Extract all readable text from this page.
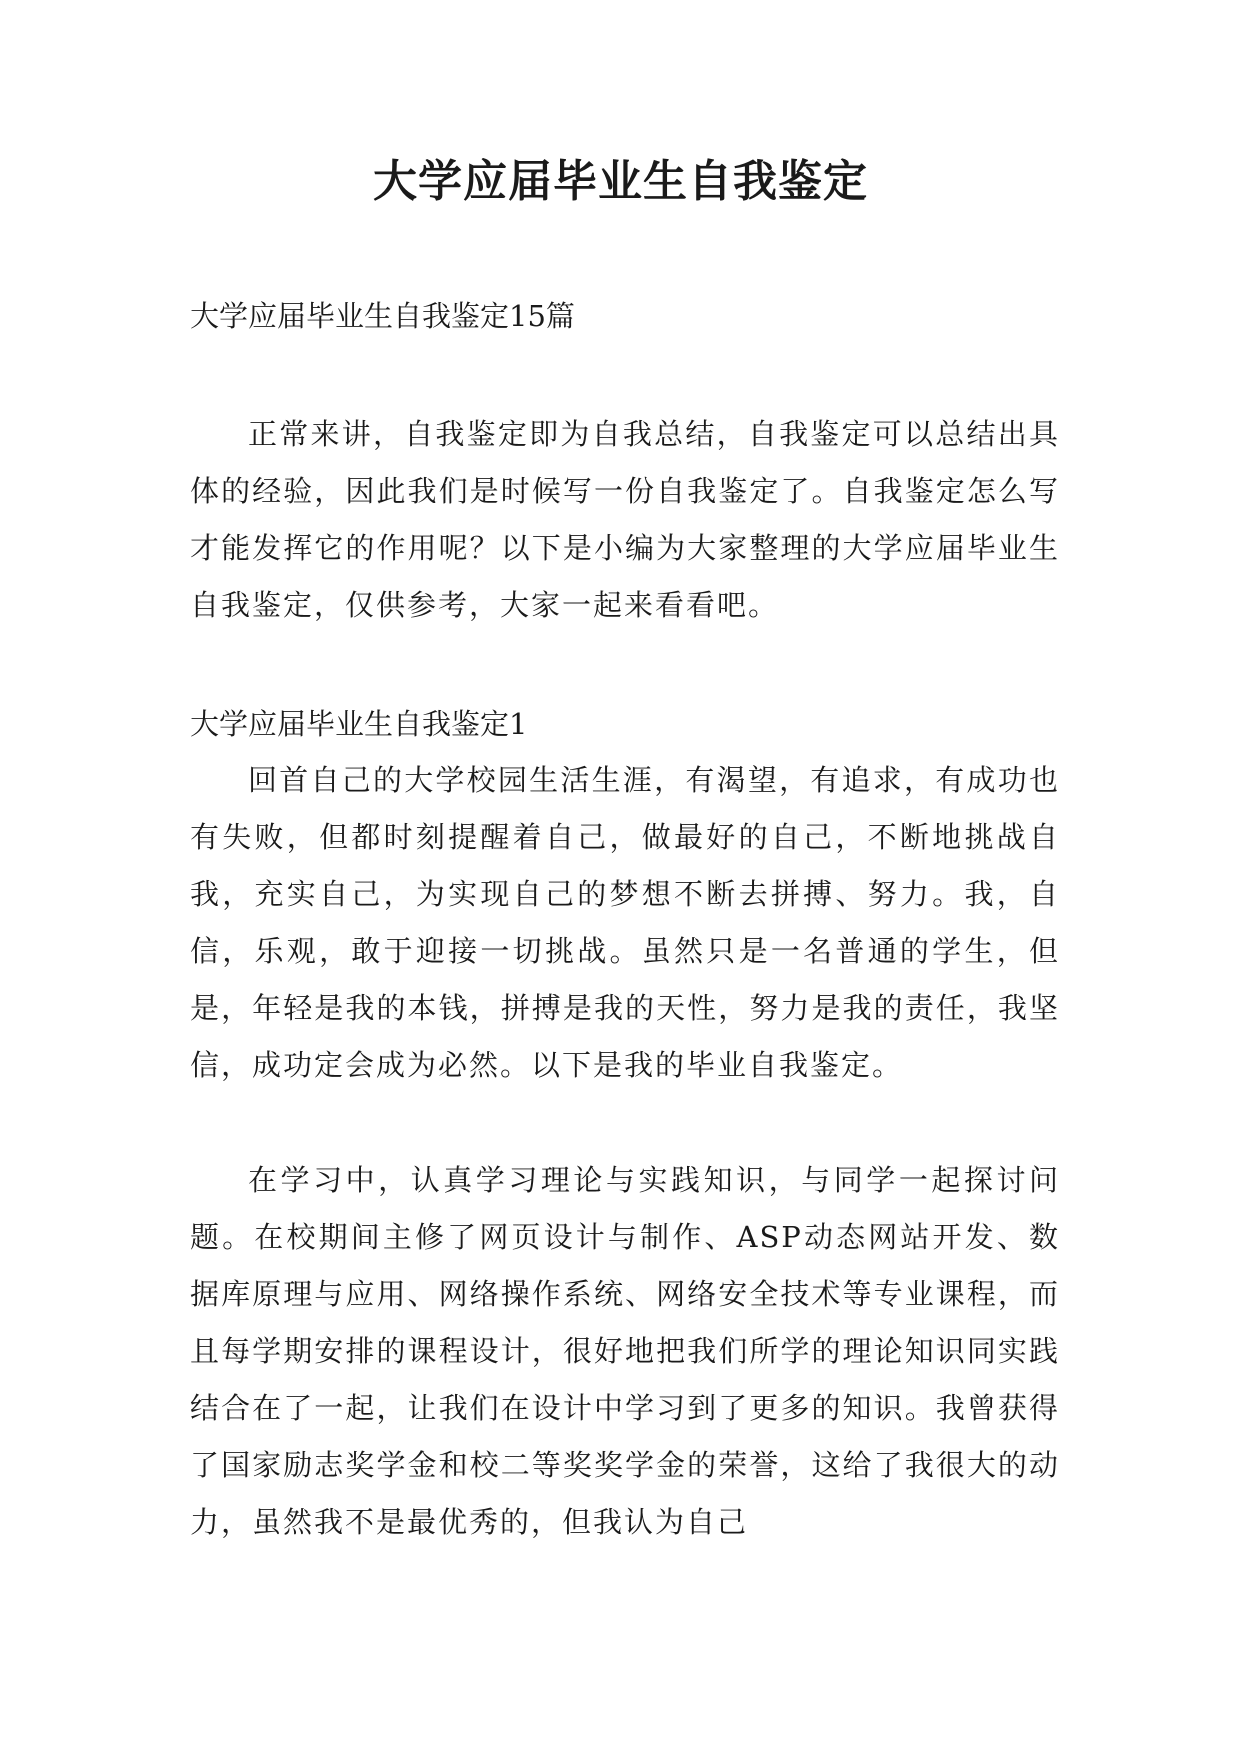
大学应届毕业生自我鉴定

大学应届毕业生自我鉴定15篇

正常来讲，自我鉴定即为自我总结，自我鉴定可以总结出具体的经验，因此我们是时候写一份自我鉴定了。自我鉴定怎么写才能发挥它的作用呢？以下是小编为大家整理的大学应届毕业生自我鉴定，仅供参考，大家一起来看看吧。

大学应届毕业生自我鉴定1

回首自己的大学校园生活生涯，有渴望，有追求，有成功也有失败，但都时刻提醒着自己，做最好的自己，不断地挑战自我，充实自己，为实现自己的梦想不断去拼搏、努力。我，自信，乐观，敢于迎接一切挑战。虽然只是一名普通的学生，但是，年轻是我的本钱，拼搏是我的天性，努力是我的责任，我坚信，成功定会成为必然。以下是我的毕业自我鉴定。

在学习中，认真学习理论与实践知识，与同学一起探讨问题。在校期间主修了网页设计与制作、ASP动态网站开发、数据库原理与应用、网络操作系统、网络安全技术等专业课程，而且每学期安排的课程设计，很好地把我们所学的理论知识同实践结合在了一起，让我们在设计中学习到了更多的知识。我曾获得了国家励志奖学金和校二等奖奖学金的荣誉，这给了我很大的动力，虽然我不是最优秀的，但我认为自己
